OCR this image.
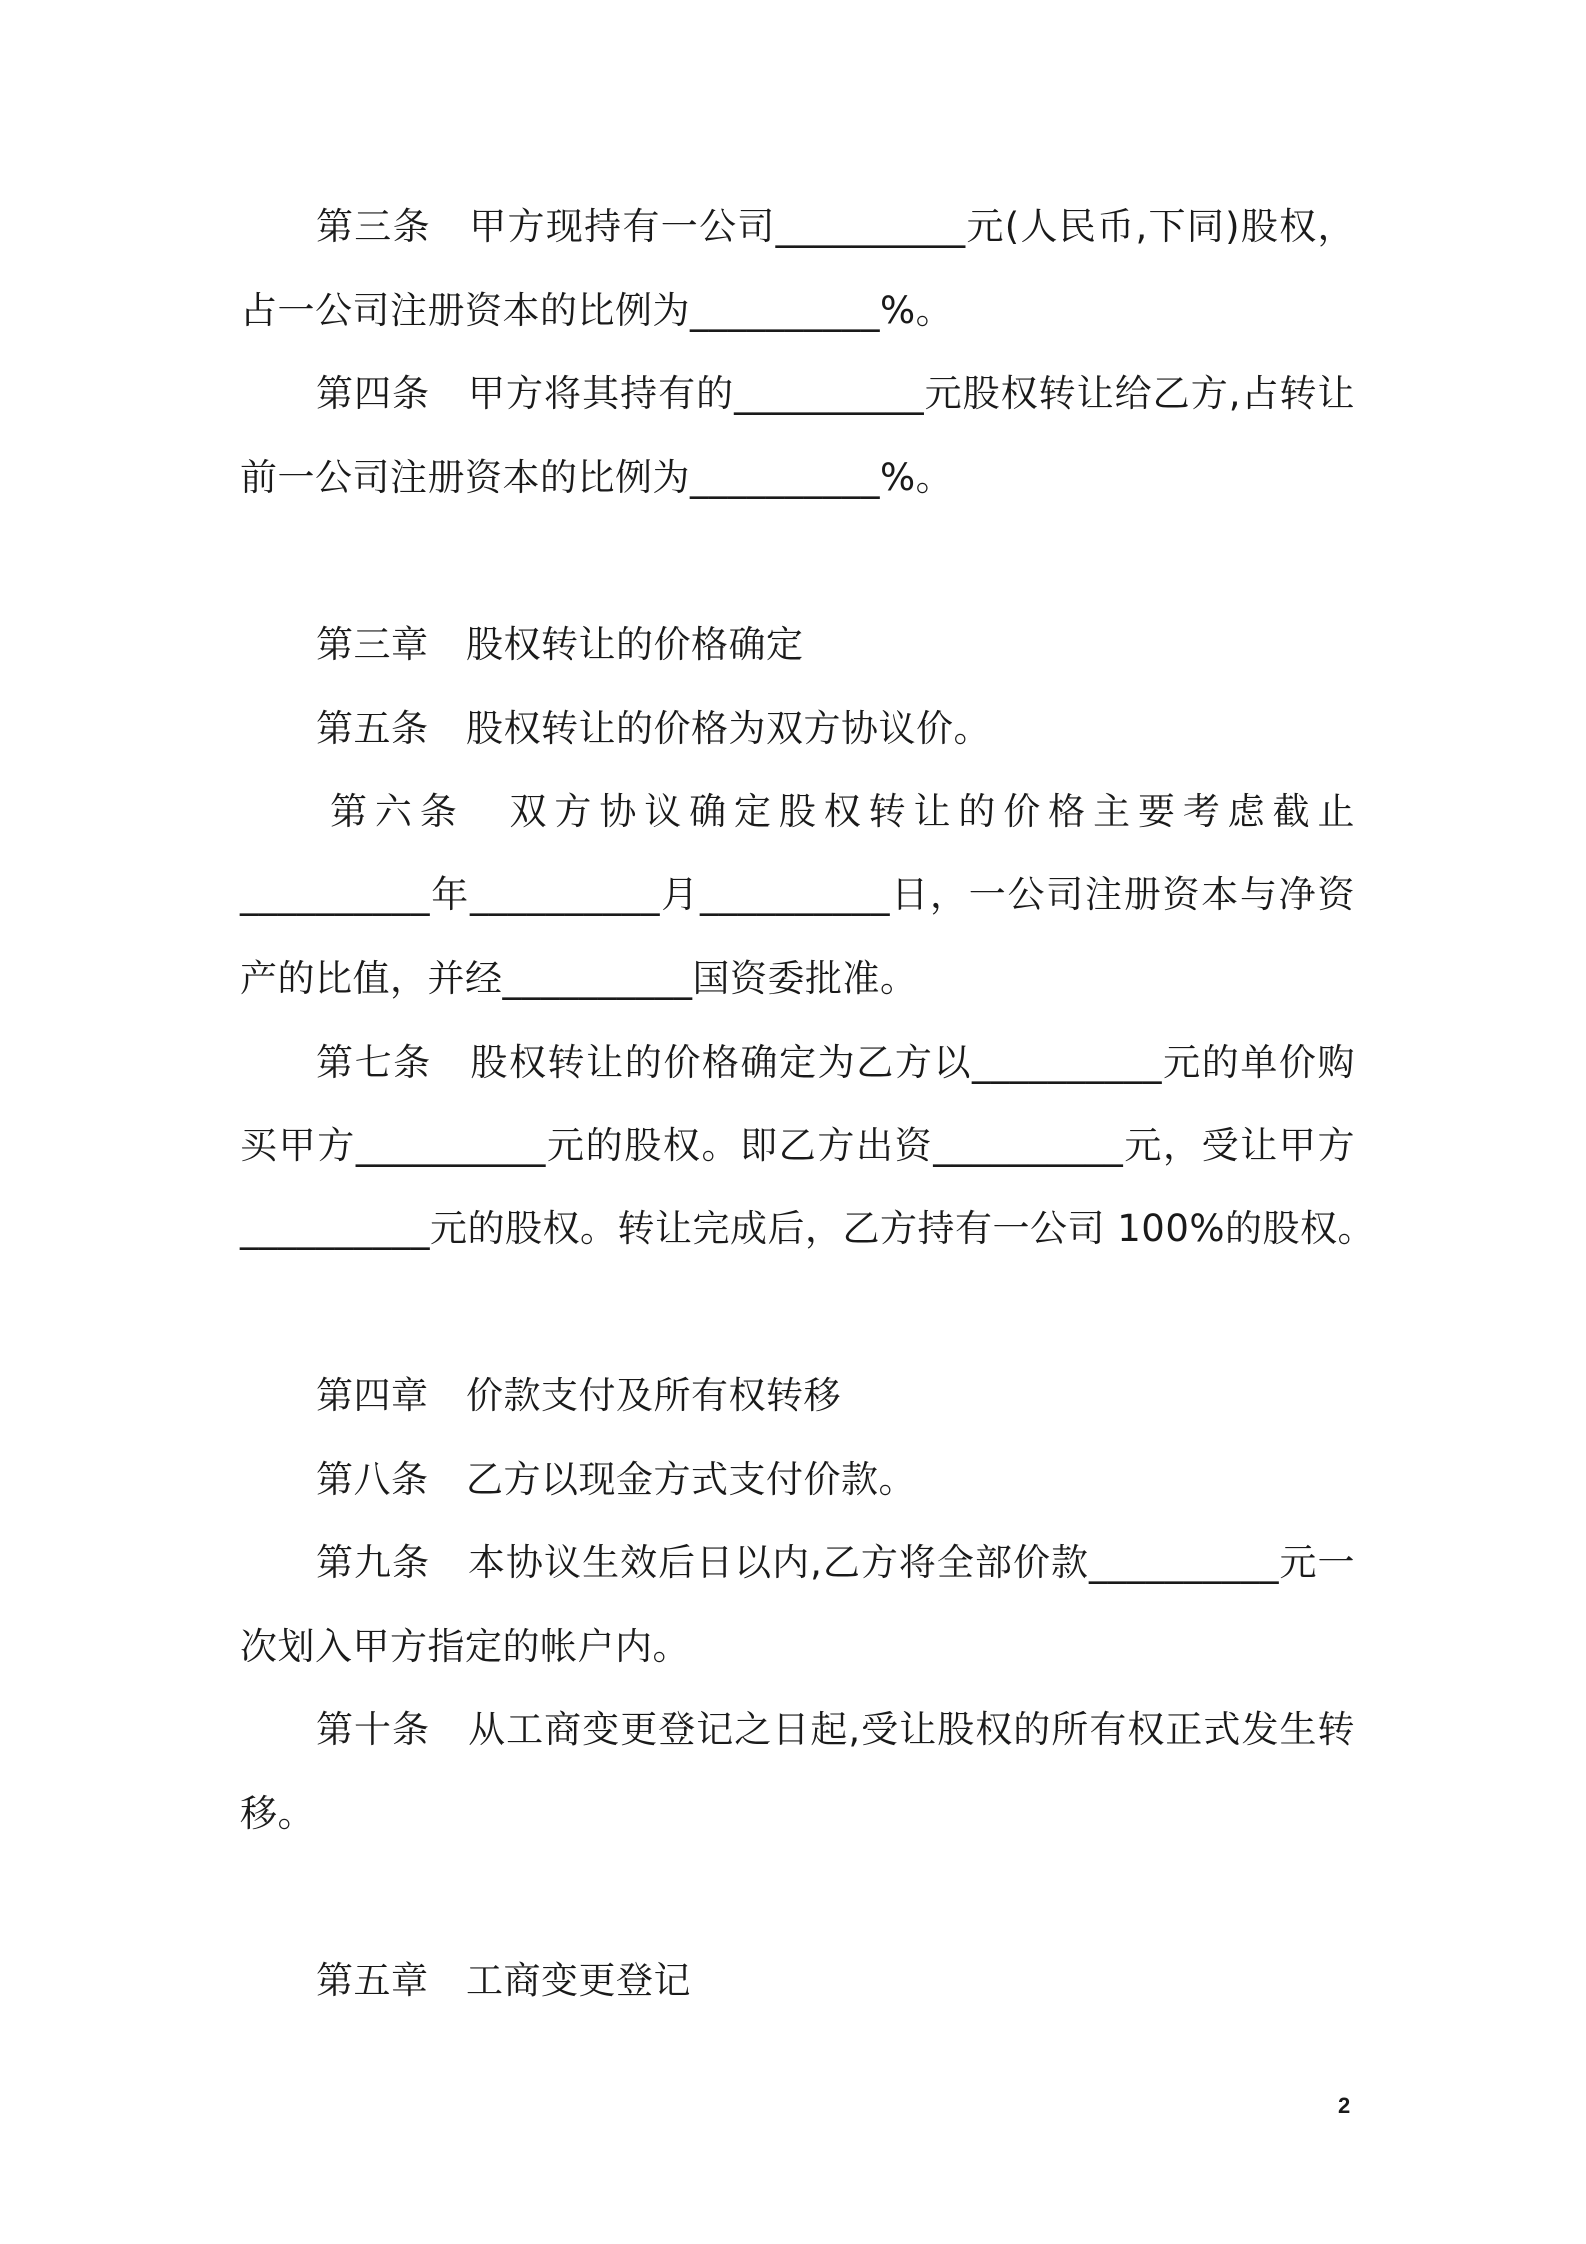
第三条　甲方现持有一公司__________元(人民币,下同)股权，
占一公司注册资本的比例为__________%。
第四条　甲方将其持有的__________元股权转让给乙方,占转让
前一公司注册资本的比例为__________%。
第三章　股权转让的价格确定
第五条　股权转让的价格为双方协议价。
第六条　双方协议确定股权转让的价格主要考虑截止
__________年__________月__________日，一公司注册资本与净资
产的比值，并经__________国资委批准。
第七条　股权转让的价格确定为乙方以__________元的单价购
买甲方__________元的股权。即乙方出资__________元，受让甲方
__________元的股权。转让完成后，乙方持有一公司 100%的股权。
第四章　价款支付及所有权转移
第八条　乙方以现金方式支付价款。
第九条　本协议生效后日以内,乙方将全部价款__________元一
次划入甲方指定的帐户内。
第十条　从工商变更登记之日起,受让股权的所有权正式发生转
移。
第五章　工商变更登记
2
